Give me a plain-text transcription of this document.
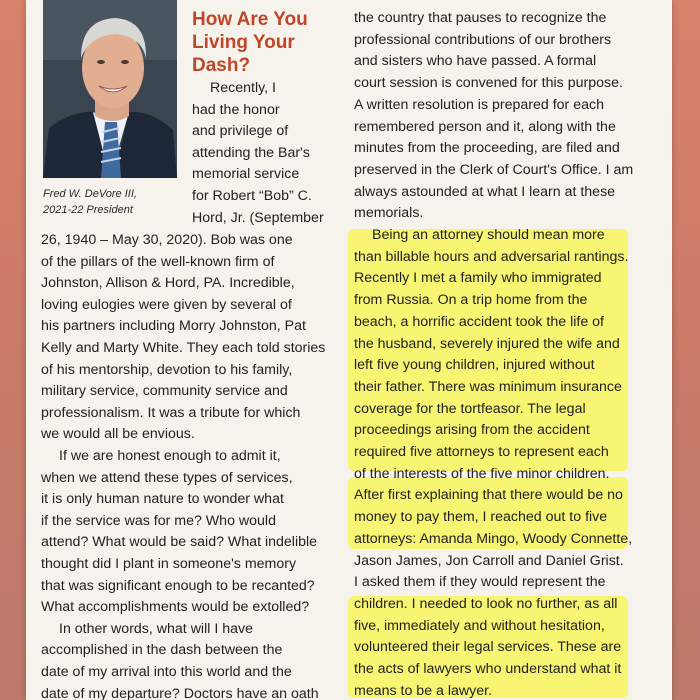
Fred W. DeVore III,
2021-22 President
How Are You
Living Your
Dash?
Recently, I
had the honor
and privilege of
attending the Bar's
memorial service
for Robert “Bob” C.
Hord, Jr. (September
26, 1940 – May 30, 2020). Bob was one
of the pillars of the well-known firm of
Johnston, Allison & Hord, PA. Incredible,
loving eulogies were given by several of
his partners including Morry Johnston, Pat
Kelly and Marty White. They each told stories
of his mentorship, devotion to his family,
military service, community service and
professionalism. It was a tribute for which
we would all be envious.
If we are honest enough to admit it,
when we attend these types of services,
it is only human nature to wonder what
if the service was for me? Who would
attend? What would be said? What indelible
thought did I plant in someone's memory
that was significant enough to be recanted?
What accomplishments would be extolled?
In other words, what will I have
accomplished in the dash between the
date of my arrival into this world and the
date of my departure? Doctors have an oath
the country that pauses to recognize the
professional contributions of our brothers
and sisters who have passed. A formal
court session is convened for this purpose.
A written resolution is prepared for each
remembered person and it, along with the
minutes from the proceeding, are filed and
preserved in the Clerk of Court's Office. I am
always astounded at what I learn at these
memorials.
Being an attorney should mean more
than billable hours and adversarial rantings.
Recently I met a family who immigrated
from Russia. On a trip home from the
beach, a horrific accident took the life of
the husband, severely injured the wife and
left five young children, injured without
their father. There was minimum insurance
coverage for the tortfeasor. The legal
proceedings arising from the accident
required five attorneys to represent each
of the interests of the five minor children.
After first explaining that there would be no
money to pay them, I reached out to five
attorneys: Amanda Mingo, Woody Connette,
Jason James, Jon Carroll and Daniel Grist.
I asked them if they would represent the
children. I needed to look no further, as all
five, immediately and without hesitation,
volunteered their legal services. These are
the acts of lawyers who understand what it
means to be a lawyer.
